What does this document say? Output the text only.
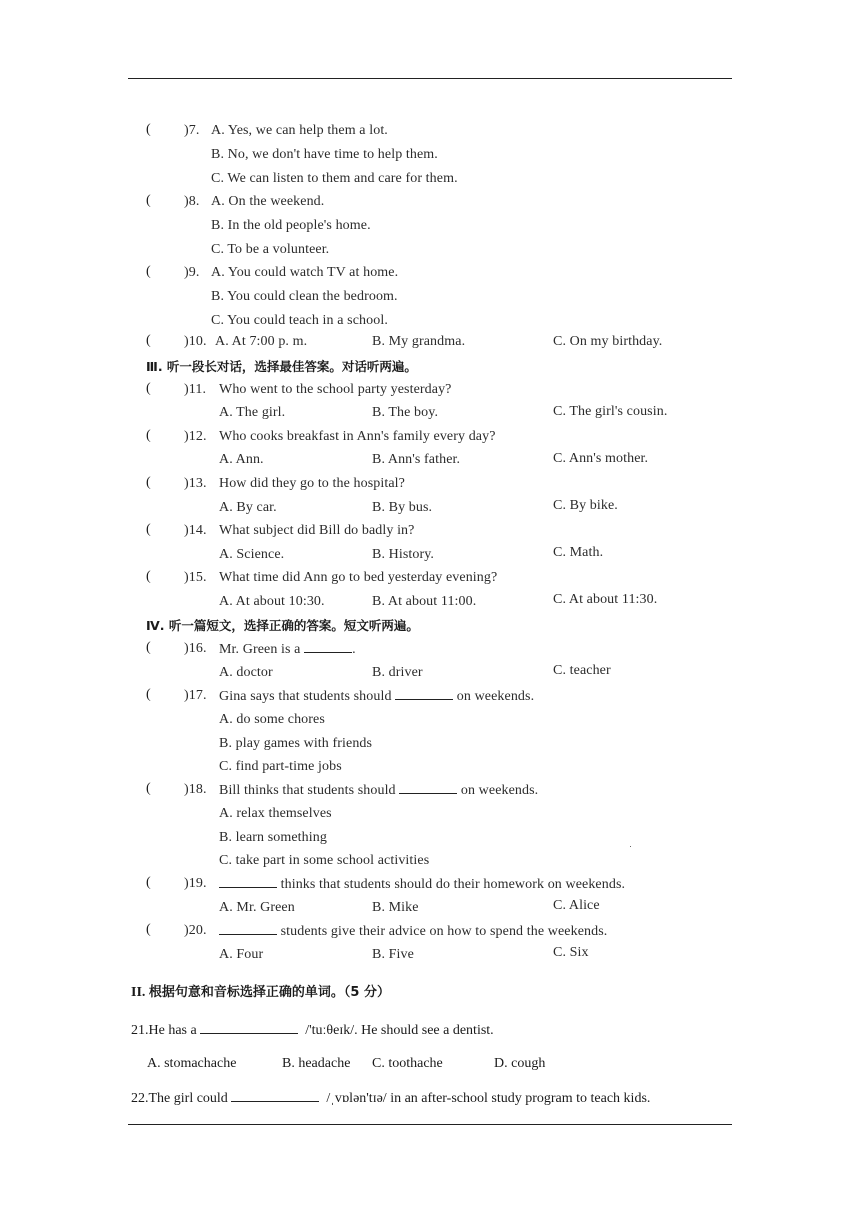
( )7. A. Yes, we can help them a lot.
B. No, we don't have time to help them.
C. We can listen to them and care for them.
( )8. A. On the weekend.
B. In the old people's home.
C. To be a volunteer.
( )9. A. You could watch TV at home.
B. You could clean the bedroom.
C. You could teach in a school.
( )10. A. At 7:00 p. m.	B. My grandma.	C. On my birthday.
Ⅲ. 听一段长对话，选择最佳答案。对话听两遍。
( )11. Who went to the school party yesterday?
A. The girl.	B. The boy.	C. The girl's cousin.
( )12. Who cooks breakfast in Ann's family every day?
A. Ann.	B. Ann's father.	C. Ann's mother.
( )13. How did they go to the hospital?
A. By car.	B. By bus.	C. By bike.
( )14. What subject did Bill do badly in?
A. Science.	B. History.	C. Math.
( )15. What time did Ann go to bed yesterday evening?
A. At about 10:30.	B. At about 11:00.	C. At about 11:30.
Ⅳ. 听一篇短文，选择正确的答案。短文听两遍。
( )16. Mr. Green is a	.
A. doctor	B. driver	C. teacher
( )17. Gina says that students should	on weekends.
A. do some chores
B. play games with friends
C. find part-time jobs
( )18. Bill thinks that students should	on weekends.
A. relax themselves
B. learn something
C. take part in some school activities
( )19.	thinks that students should do their homework on weekends.
A. Mr. Green	B. Mike	C. Alice
( )20.	students give their advice on how to spend the weekends.
A. Four	B. Five	C. Six
II. 根据句意和音标选择正确的单词。（5 分）
21.He has a	/'tuːθeɪk/. He should see a dentist.
A. stomachache	B. headache C. toothache	D. cough
22.The girl could	/ˌvɒlən'tɪə/ in an after-school study program to teach kids.
